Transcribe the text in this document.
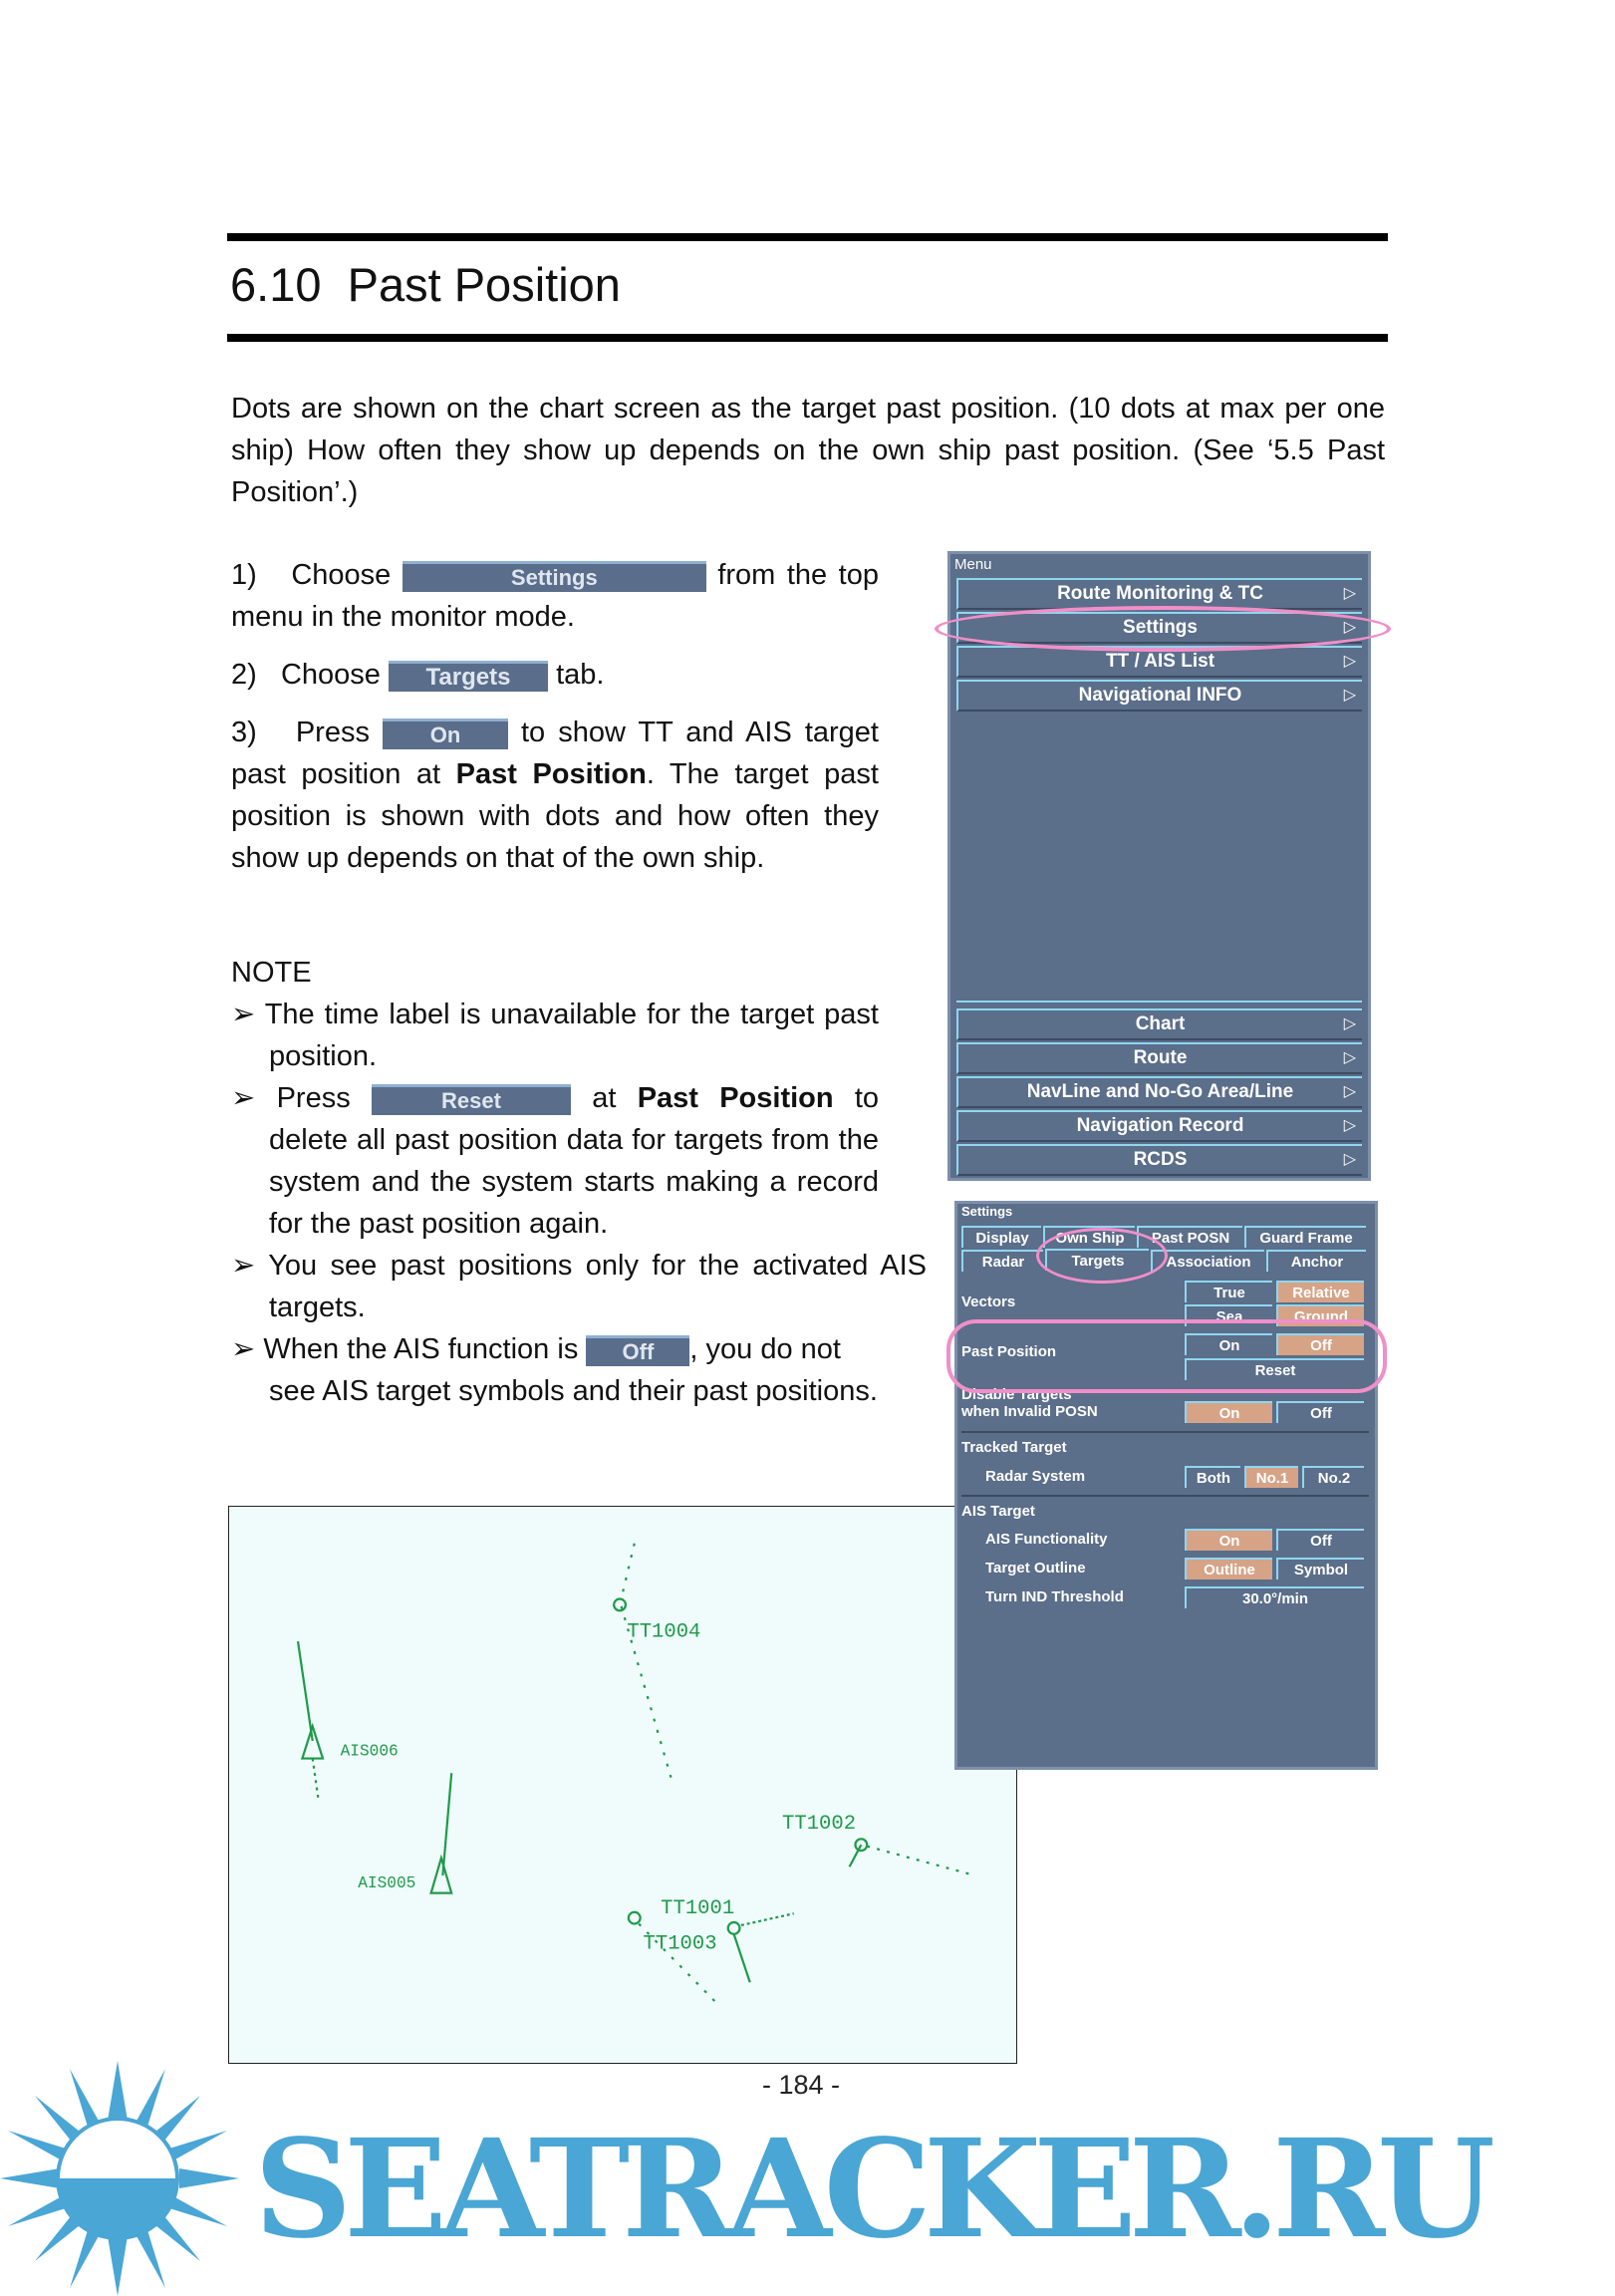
6.10 Past Position
Dots are shown on the chart screen as the target past position. (10 dots at max per one ship) How often they show up depends on the own ship past position. (See ‘5.5 Past Position’.)
1) Choose	Settings	from the top menu in the monitor mode.
2) Choose Targets tab.
3) Press	On to show TT and AIS target past position at Past Position. The target past position is shown with dots and how often they show up depends on that of the own ship.
NOTE
➢ The time label is unavailable for the target past position.
➢ Press	Reset	at Past Position to delete all past position data for targets from the system and the system starts making a record for the past position again.
➢ You see past positions only for the activated AIS targets.
➢ When the AIS function is Off , you do not see AIS target symbols and their past positions.
TT1004
AIS006
AIS005
TT1002
TT1001
TT1003
Menu
Route Monitoring & TC	▷
Settings	▷
TT / AIS List	▷
Navigational INFO	▷
Chart	▷
Route	▷
NavLine and No-Go Area/Line	▷
Navigation Record	▷
RCDS	▷
Settings
Display	Own Ship	Past POSN	Guard Frame
Radar	Targets	Association	Anchor
Vectors
True	Relative
Sea	Ground
Past Position	On	Off
Reset
Disable Targets
when Invalid POSN	On	Off
Tracked Target
Radar System	Both	No.1	No.2
AIS Target
AIS Functionality	On	Off
Target Outline	Outline	Symbol
Turn IND Threshold	30.0°/min
- 184 -
SEATRACKER.RU
